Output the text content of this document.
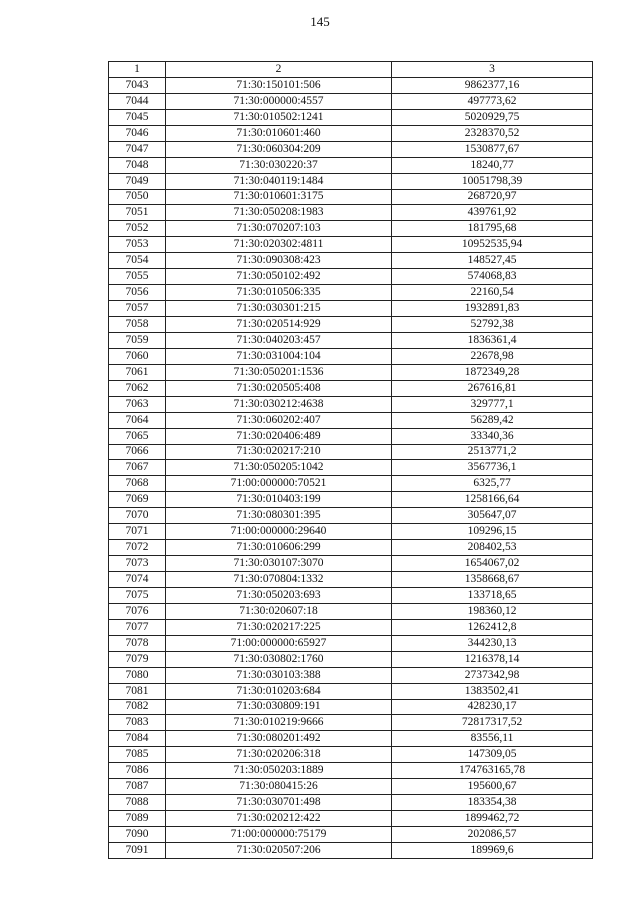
145
1	2	3
7043	71:30:150101:506	9862377,16
7044	71:30:000000:4557	497773,62
7045	71:30:010502:1241	5020929,75
7046	71:30:010601:460	2328370,52
7047	71:30:060304:209	1530877,67
7048	71:30:030220:37	18240,77
7049	71:30:040119:1484	10051798,39
7050	71:30:010601:3175	268720,97
7051	71:30:050208:1983	439761,92
7052	71:30:070207:103	181795,68
7053	71:30:020302:4811	10952535,94
7054	71:30:090308:423	148527,45
7055	71:30:050102:492	574068,83
7056	71:30:010506:335	22160,54
7057	71:30:030301:215	1932891,83
7058	71:30:020514:929	52792,38
7059	71:30:040203:457	1836361,4
7060	71:30:031004:104	22678,98
7061	71:30:050201:1536	1872349,28
7062	71:30:020505:408	267616,81
7063	71:30:030212:4638	329777,1
7064	71:30:060202:407	56289,42
7065	71:30:020406:489	33340,36
7066	71:30:020217:210	2513771,2
7067	71:30:050205:1042	3567736,1
7068	71:00:000000:70521	6325,77
7069	71:30:010403:199	1258166,64
7070	71:30:080301:395	305647,07
7071	71:00:000000:29640	109296,15
7072	71:30:010606:299	208402,53
7073	71:30:030107:3070	1654067,02
7074	71:30:070804:1332	1358668,67
7075	71:30:050203:693	133718,65
7076	71:30:020607:18	198360,12
7077	71:30:020217:225	1262412,8
7078	71:00:000000:65927	344230,13
7079	71:30:030802:1760	1216378,14
7080	71:30:030103:388	2737342,98
7081	71:30:010203:684	1383502,41
7082	71:30:030809:191	428230,17
7083	71:30:010219:9666	72817317,52
7084	71:30:080201:492	83556,11
7085	71:30:020206:318	147309,05
7086	71:30:050203:1889	174763165,78
7087	71:30:080415:26	195600,67
7088	71:30:030701:498	183354,38
7089	71:30:020212:422	1899462,72
7090	71:00:000000:75179	202086,57
7091	71:30:020507:206	189969,6
